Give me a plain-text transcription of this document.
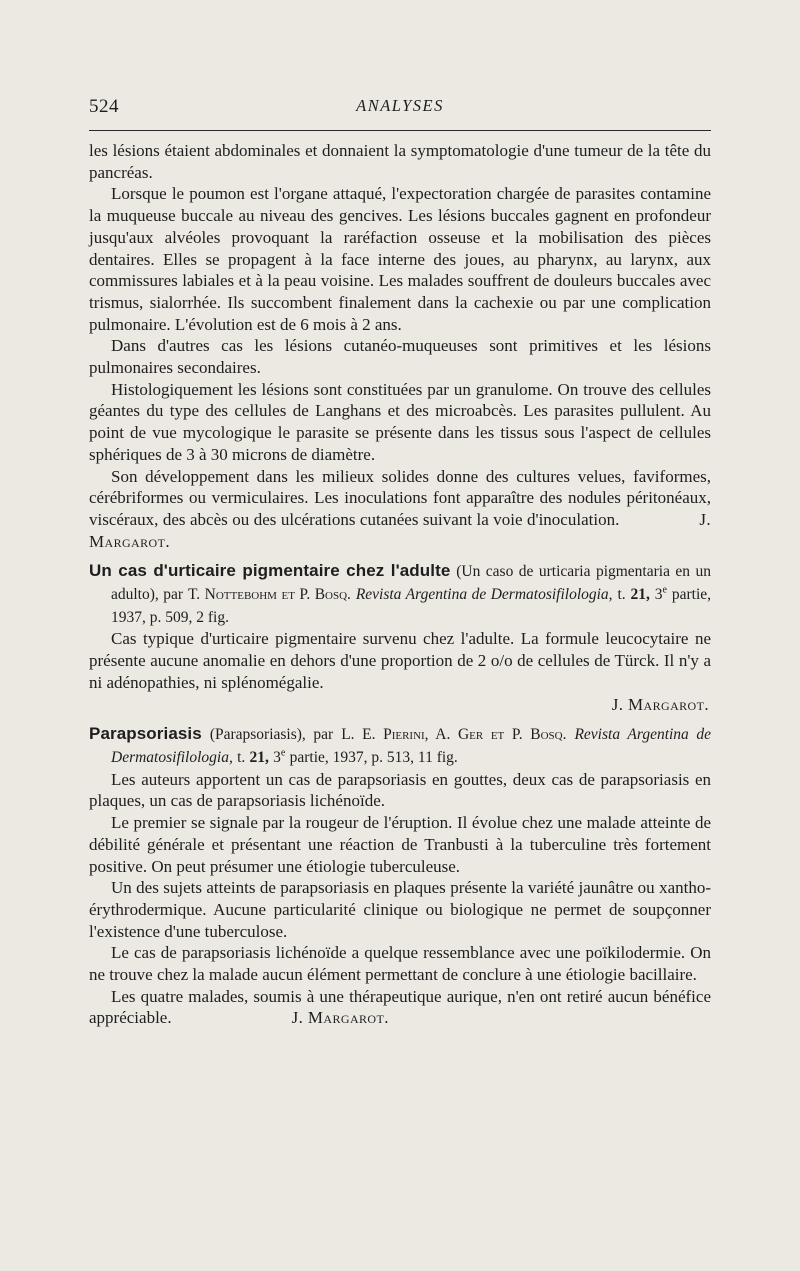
524	ANALYSES

les lésions étaient abdominales et donnaient la symptomatologie d'une tumeur de la tête du pancréas.

Lorsque le poumon est l'organe attaqué, l'expectoration chargée de parasites contamine la muqueuse buccale au niveau des gencives. Les lésions buccales gagnent en profondeur jusqu'aux alvéoles provoquant la raréfaction osseuse et la mobilisation des pièces dentaires. Elles se propagent à la face interne des joues, au pharynx, au larynx, aux commissures labiales et à la peau voisine. Les malades souffrent de douleurs buccales avec trismus, sialorrhée. Ils succombent finalement dans la cachexie ou par une complication pulmonaire. L'évolution est de 6 mois à 2 ans.

Dans d'autres cas les lésions cutanéo-muqueuses sont primitives et les lésions pulmonaires secondaires.

Histologiquement les lésions sont constituées par un granulome. On trouve des cellules géantes du type des cellules de Langhans et des microabcès. Les parasites pullulent. Au point de vue mycologique le parasite se présente dans les tissus sous l'aspect de cellules sphériques de 3 à 30 microns de diamètre.

Son développement dans les milieux solides donne des cultures velues, faviformes, cérébriformes ou vermiculaires. Les inoculations font apparaître des nodules péritonéaux, viscéraux, des abcès ou des ulcérations cutanées suivant la voie d'inoculation.	J. Margarot.

Un cas d'urticaire pigmentaire chez l'adulte (Un caso de urticaria pigmentaria en un adulto), par T. Nottebohm et P. Bosq. Revista Argentina de Dermatosifilologia, t. 21, 3e partie, 1937, p. 509, 2 fig.

Cas typique d'urticaire pigmentaire survenu chez l'adulte. La formule leucocytaire ne présente aucune anomalie en dehors d'une proportion de 2 o/o de cellules de Türck. Il n'y a ni adénopathies, ni splénomégalie.

J. Margarot.

Parapsoriasis (Parapsoriasis), par L. E. Pierini, A. Ger et P. Bosq. Revista Argentina de Dermatosifilologia, t. 21, 3e partie, 1937, p. 513, 11 fig.

Les auteurs apportent un cas de parapsoriasis en gouttes, deux cas de parapsoriasis en plaques, un cas de parapsoriasis lichénoïde.

Le premier se signale par la rougeur de l'éruption. Il évolue chez une malade atteinte de débilité générale et présentant une réaction de Tranbusti à la tuberculine très fortement positive. On peut présumer une étiologie tuberculeuse.

Un des sujets atteints de parapsoriasis en plaques présente la variété jaunâtre ou xantho-érythrodermique. Aucune particularité clinique ou biologique ne permet de soupçonner l'existence d'une tuberculose.

Le cas de parapsoriasis lichénoïde a quelque ressemblance avec une poïkilodermie. On ne trouve chez la malade aucun élément permettant de conclure à une étiologie bacillaire.

Les quatre malades, soumis à une thérapeutique aurique, n'en ont retiré aucun bénéfice appréciable.	J. Margarot.
